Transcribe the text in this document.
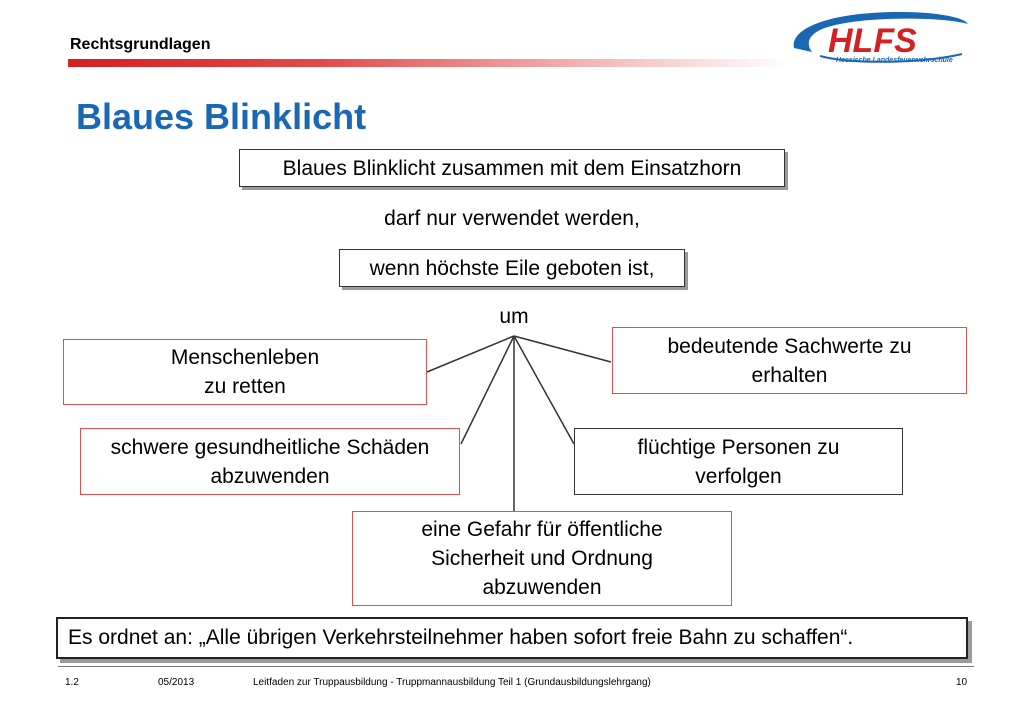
Rechtsgrundlagen	HLFS
Hessische Landesfeuerwehrschule
Blaues Blinklicht
Blaues Blinklicht zusammen mit dem Einsatzhorn
darf nur verwendet werden,
wenn höchste Eile geboten ist,
um
Menschenleben
zu retten
schwere gesundheitliche Schäden abzuwenden
eine Gefahr für öffentliche Sicherheit und Ordnung abzuwenden
flüchtige Personen zu verfolgen
bedeutende Sachwerte zu erhalten
Es ordnet an: „Alle übrigen Verkehrsteilnehmer haben sofort freie Bahn zu schaffen“.
1.2	05/2013	Leitfaden zur Truppausbildung - Truppmannausbildung Teil 1 (Grundausbildungslehrgang)	10
